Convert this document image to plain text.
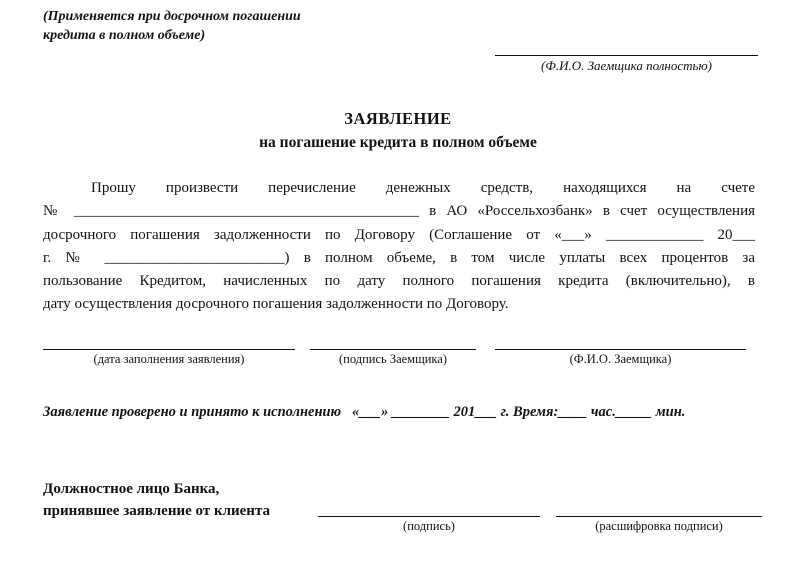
(Применяется при досрочном погашении кредита в полном объеме)
(Ф.И.О. Заемщика полностью)
ЗАЯВЛЕНИЕ
на погашение кредита в полном объеме
Прошу произвести перечисление денежных средств, находящихся на счете
№ ______________________________________________ в АО «Россельхозбанк» в счет осуществления
досрочного погашения задолженности по Договору (Соглашение от «___» _____________ 20___
г. № ________________________) в полном объеме, в том числе уплаты всех процентов за
пользование Кредитом, начисленных по дату полного погашения кредита (включительно), в
дату осуществления досрочного погашения задолженности по Договору.
(дата заполнения заявления)	(подпись Заемщика)	(Ф.И.О. Заемщика)
Заявление проверено и принято к исполнению   «___» ________ 201___ г. Время:____ час._____ мин.
Должностное лицо Банка,
принявшее заявление от клиента
(подпись)	(расшифровка подписи)
